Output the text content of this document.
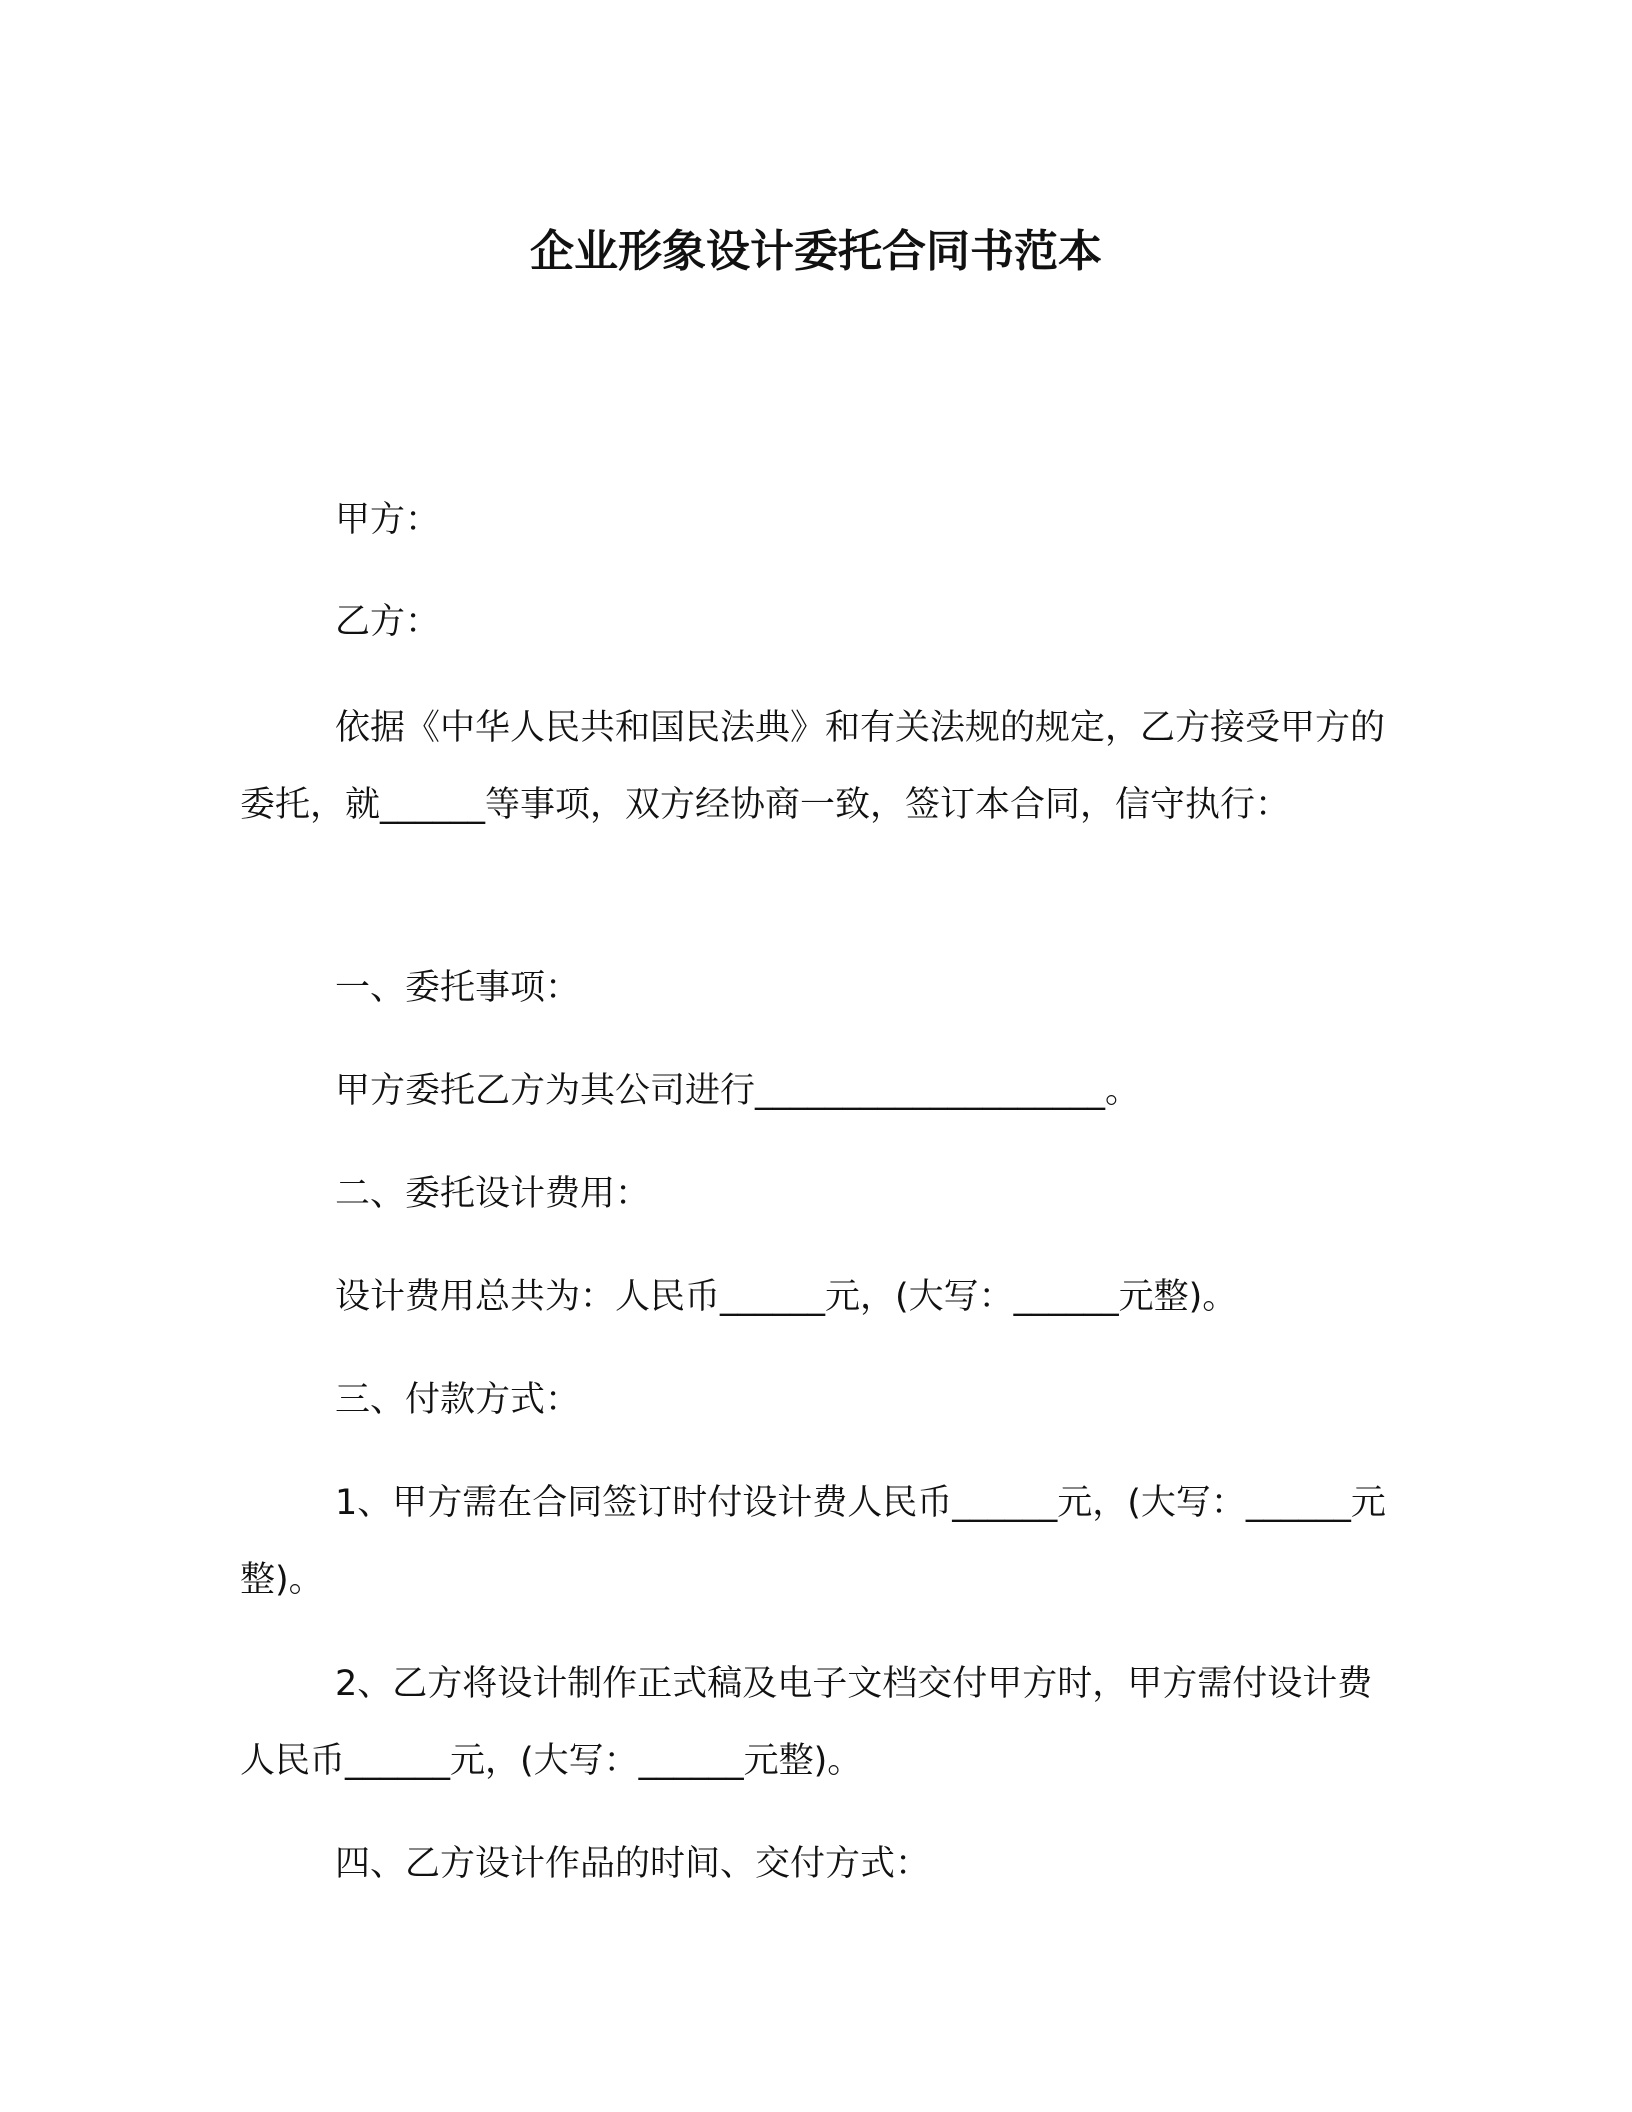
企业形象设计委托合同书范本
甲方：
乙方：
依据《中华人民共和国民法典》和有关法规的规定，乙方接受甲方的委托，就______等事项，双方经协商一致，签订本合同，信守执行：
一、委托事项：
甲方委托乙方为其公司进行____________________。
二、委托设计费用：
设计费用总共为：人民币______元，(大写：______元整)。
三、付款方式：
1、甲方需在合同签订时付设计费人民币______元，(大写：______元整)。
2、乙方将设计制作正式稿及电子文档交付甲方时，甲方需付设计费人民币______元，(大写：______元整)。
四、乙方设计作品的时间、交付方式：
